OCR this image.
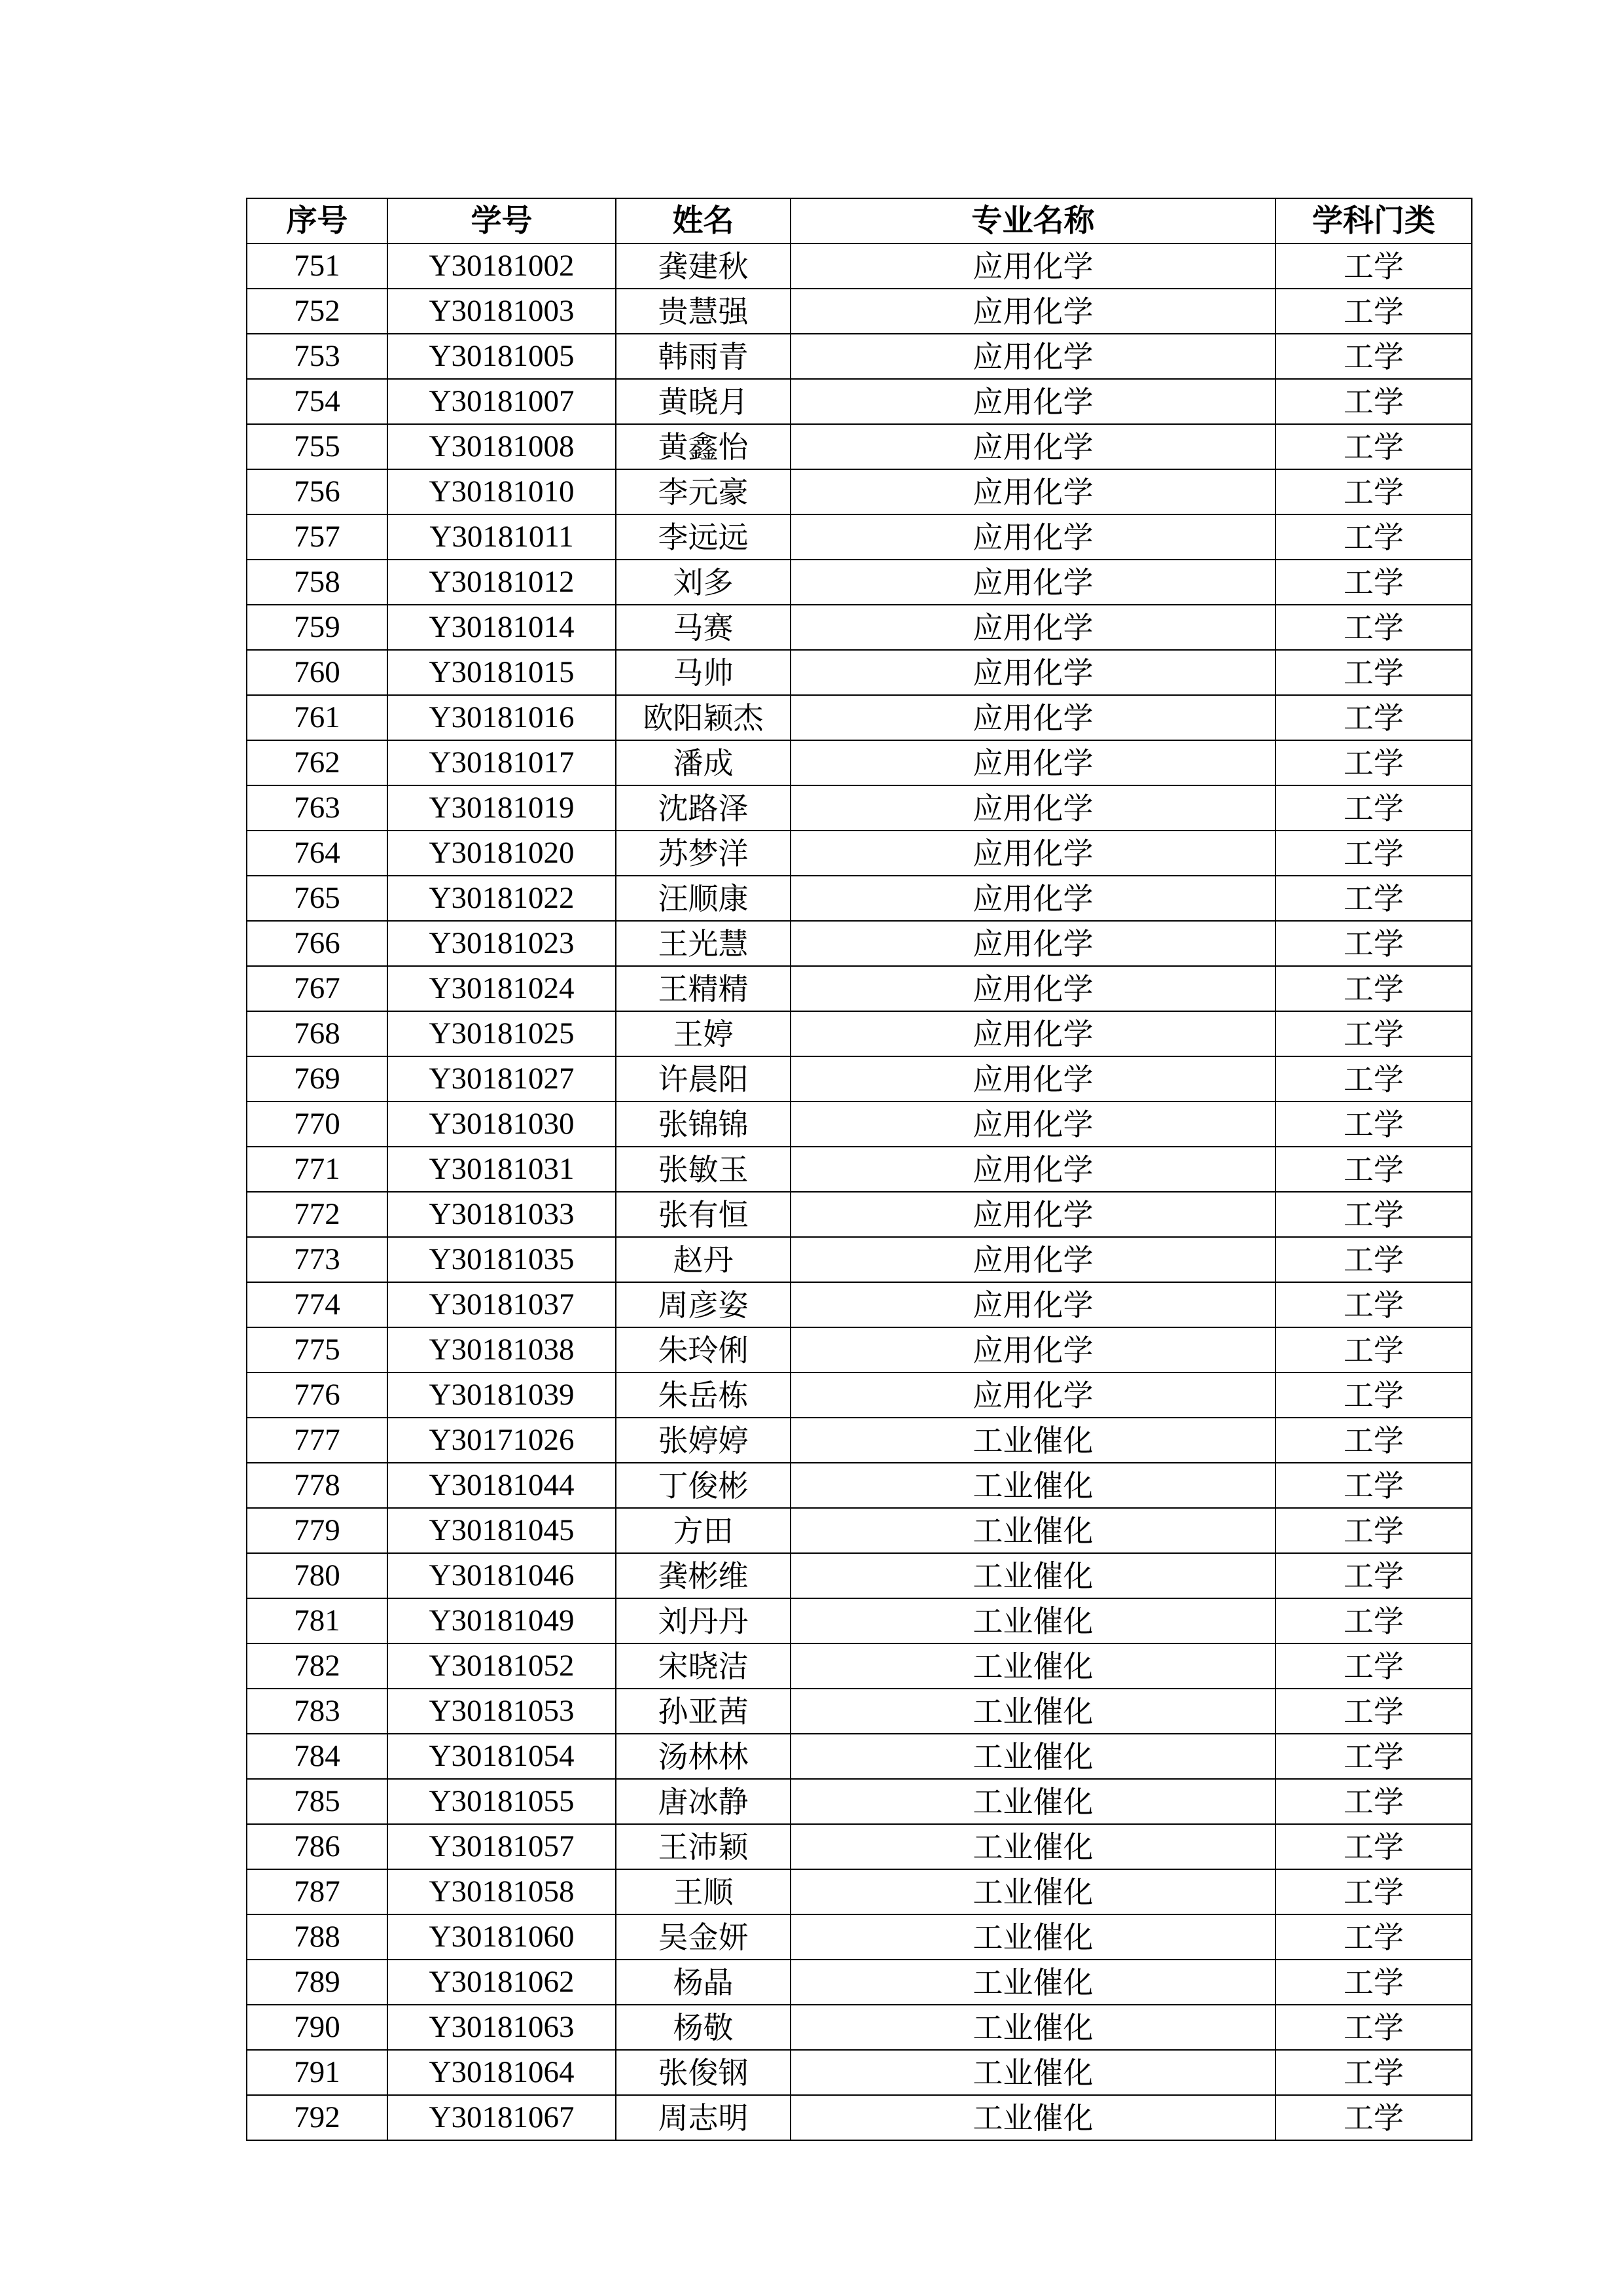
序号	学号	姓名	专业名称	学科门类
751	Y30181002	龚建秋	应用化学	工学
752	Y30181003	贵慧强	应用化学	工学
753	Y30181005	韩雨青	应用化学	工学
754	Y30181007	黄晓月	应用化学	工学
755	Y30181008	黄鑫怡	应用化学	工学
756	Y30181010	李元豪	应用化学	工学
757	Y30181011	李远远	应用化学	工学
758	Y30181012	刘多	应用化学	工学
759	Y30181014	马赛	应用化学	工学
760	Y30181015	马帅	应用化学	工学
761	Y30181016	欧阳颖杰	应用化学	工学
762	Y30181017	潘成	应用化学	工学
763	Y30181019	沈路泽	应用化学	工学
764	Y30181020	苏梦洋	应用化学	工学
765	Y30181022	汪顺康	应用化学	工学
766	Y30181023	王光慧	应用化学	工学
767	Y30181024	王精精	应用化学	工学
768	Y30181025	王婷	应用化学	工学
769	Y30181027	许晨阳	应用化学	工学
770	Y30181030	张锦锦	应用化学	工学
771	Y30181031	张敏玉	应用化学	工学
772	Y30181033	张有恒	应用化学	工学
773	Y30181035	赵丹	应用化学	工学
774	Y30181037	周彦姿	应用化学	工学
775	Y30181038	朱玲俐	应用化学	工学
776	Y30181039	朱岳栋	应用化学	工学
777	Y30171026	张婷婷	工业催化	工学
778	Y30181044	丁俊彬	工业催化	工学
779	Y30181045	方田	工业催化	工学
780	Y30181046	龚彬维	工业催化	工学
781	Y30181049	刘丹丹	工业催化	工学
782	Y30181052	宋晓洁	工业催化	工学
783	Y30181053	孙亚茜	工业催化	工学
784	Y30181054	汤林林	工业催化	工学
785	Y30181055	唐冰静	工业催化	工学
786	Y30181057	王沛颖	工业催化	工学
787	Y30181058	王顺	工业催化	工学
788	Y30181060	吴金妍	工业催化	工学
789	Y30181062	杨晶	工业催化	工学
790	Y30181063	杨敬	工业催化	工学
791	Y30181064	张俊钢	工业催化	工学
792	Y30181067	周志明	工业催化	工学
